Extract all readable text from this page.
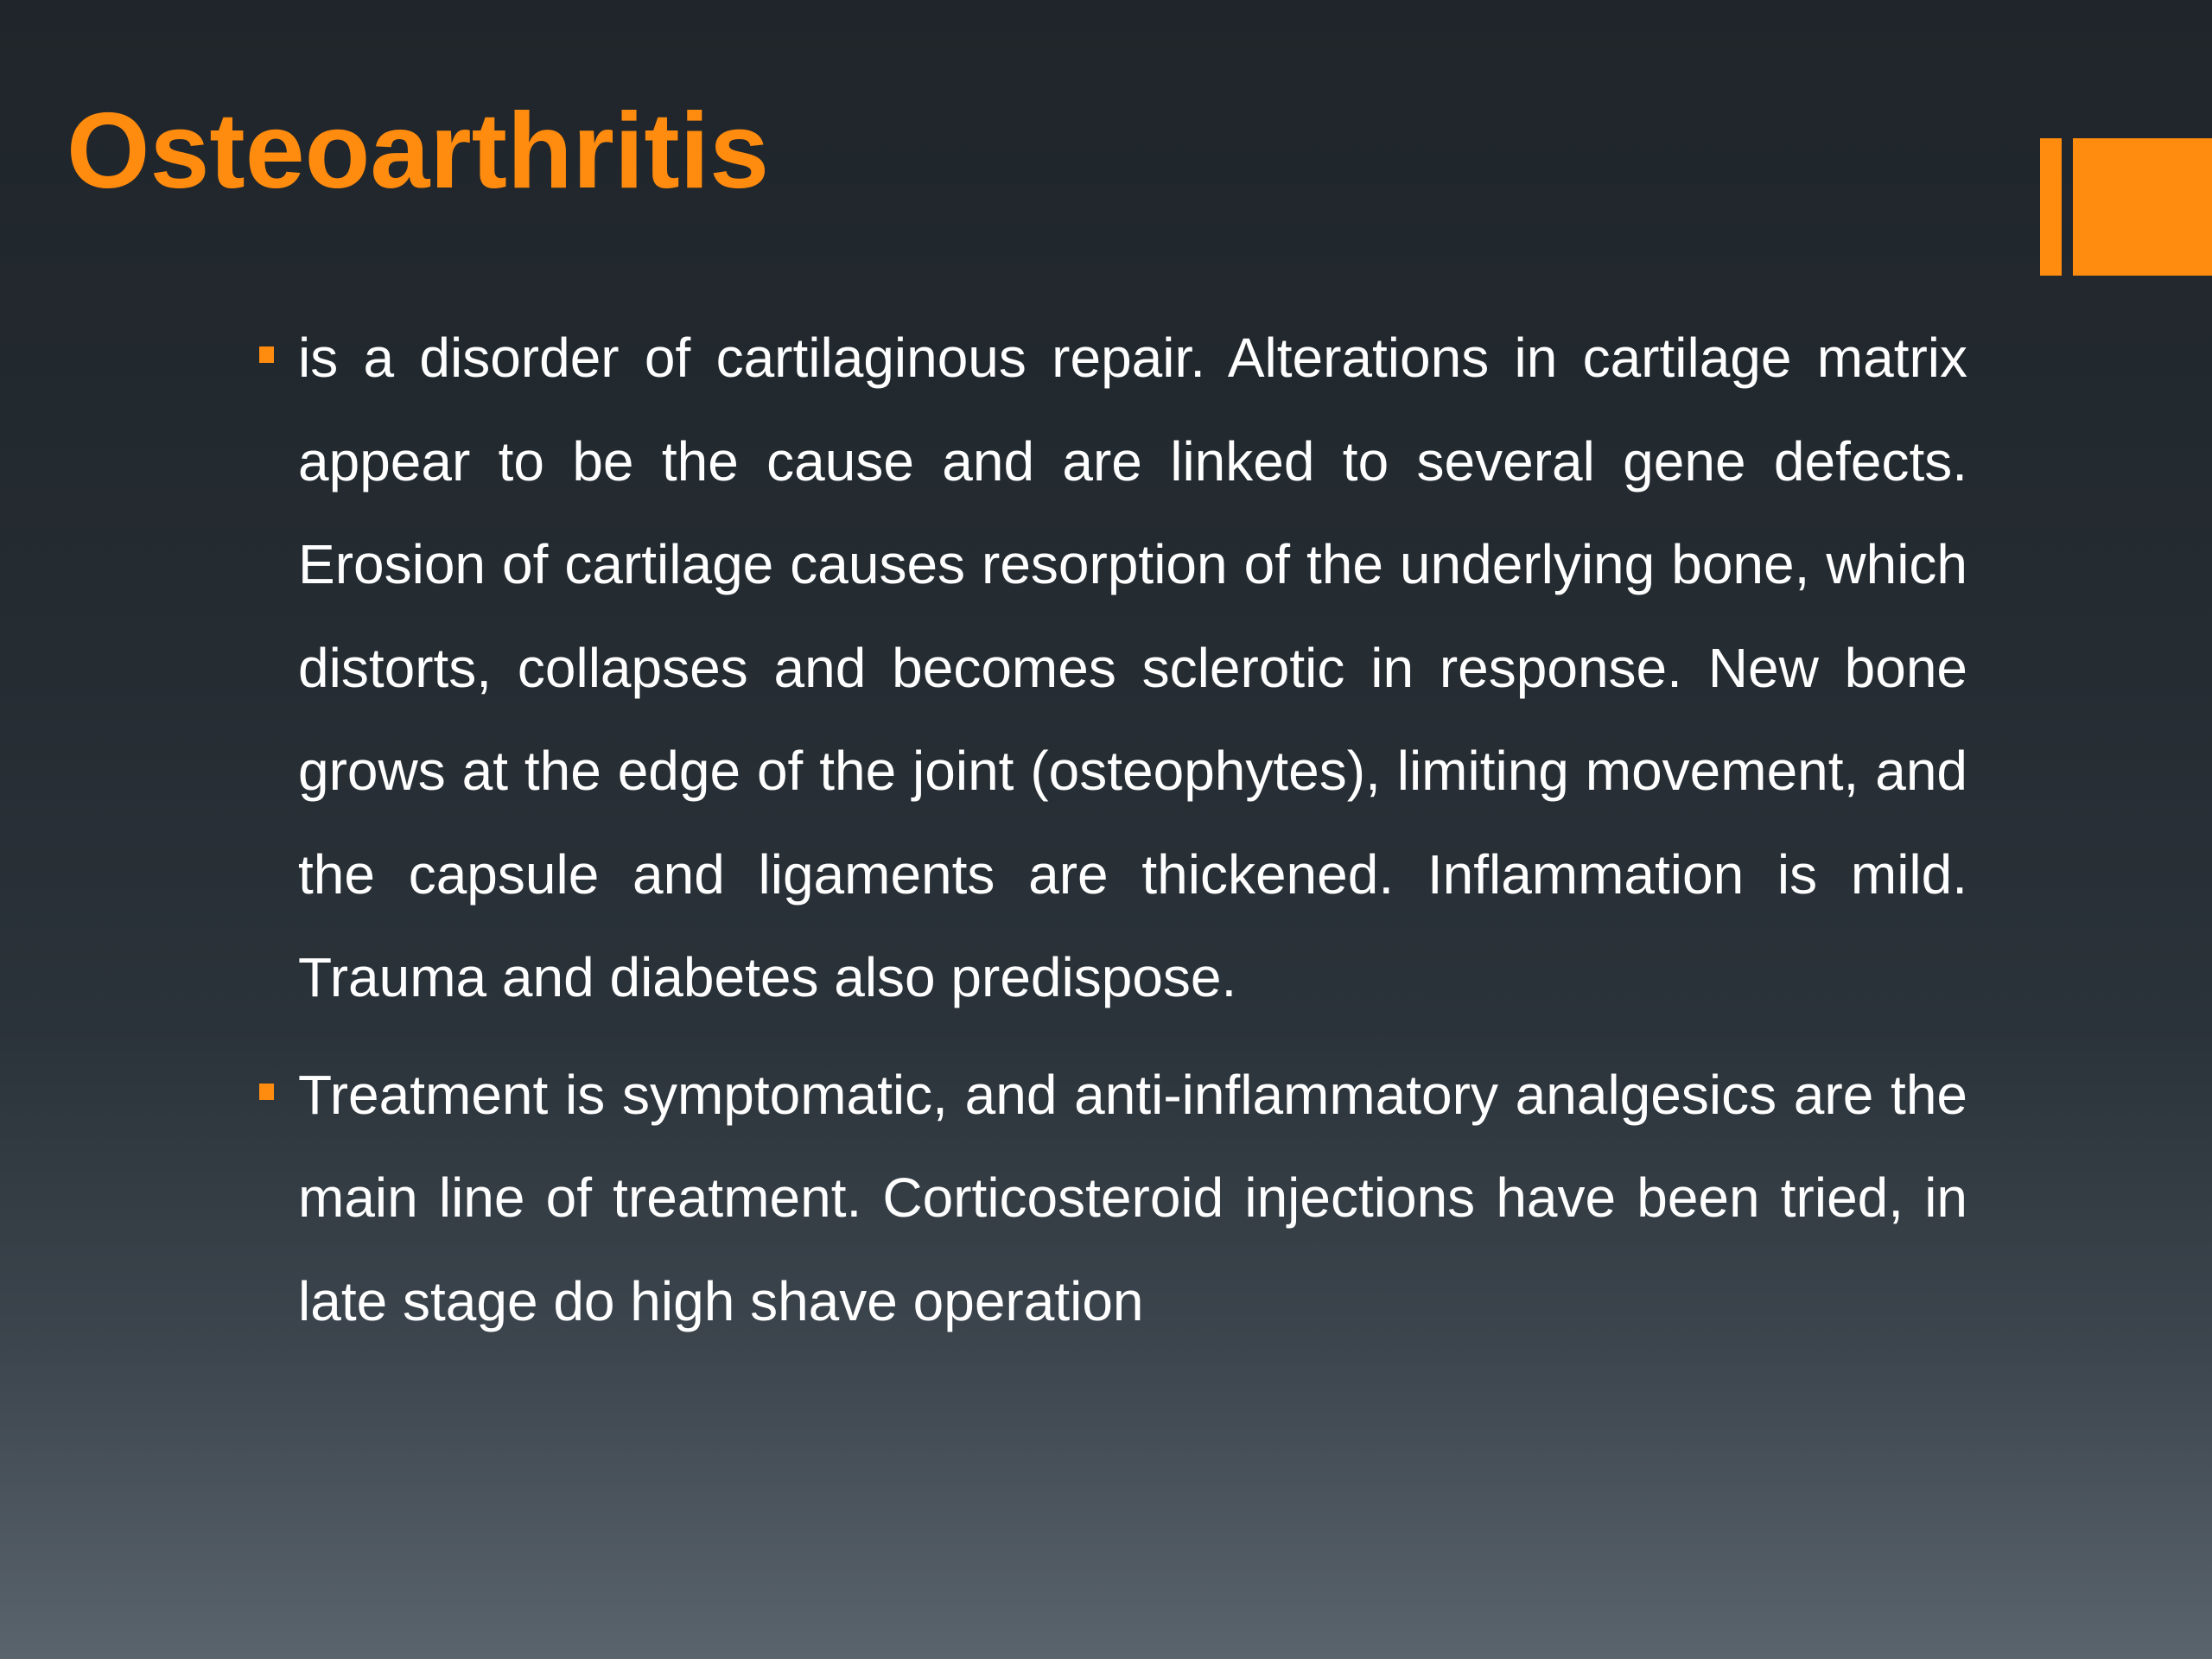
Osteoarthritis
is a disorder of cartilaginous repair. Alterations in cartilage matrix appear to be the cause and are linked to several gene defects. Erosion of cartilage causes resorption of the underlying bone, which distorts, collapses and becomes sclerotic in response. New bone grows at the edge of the joint (osteophytes), limiting movement, and the capsule and ligaments are thickened. Inflammation is mild. Trauma and diabetes also predispose.
Treatment is symptomatic, and anti-inflammatory analgesics are the main line of treatment. Corticosteroid injections have been tried, in late stage do high shave operation
